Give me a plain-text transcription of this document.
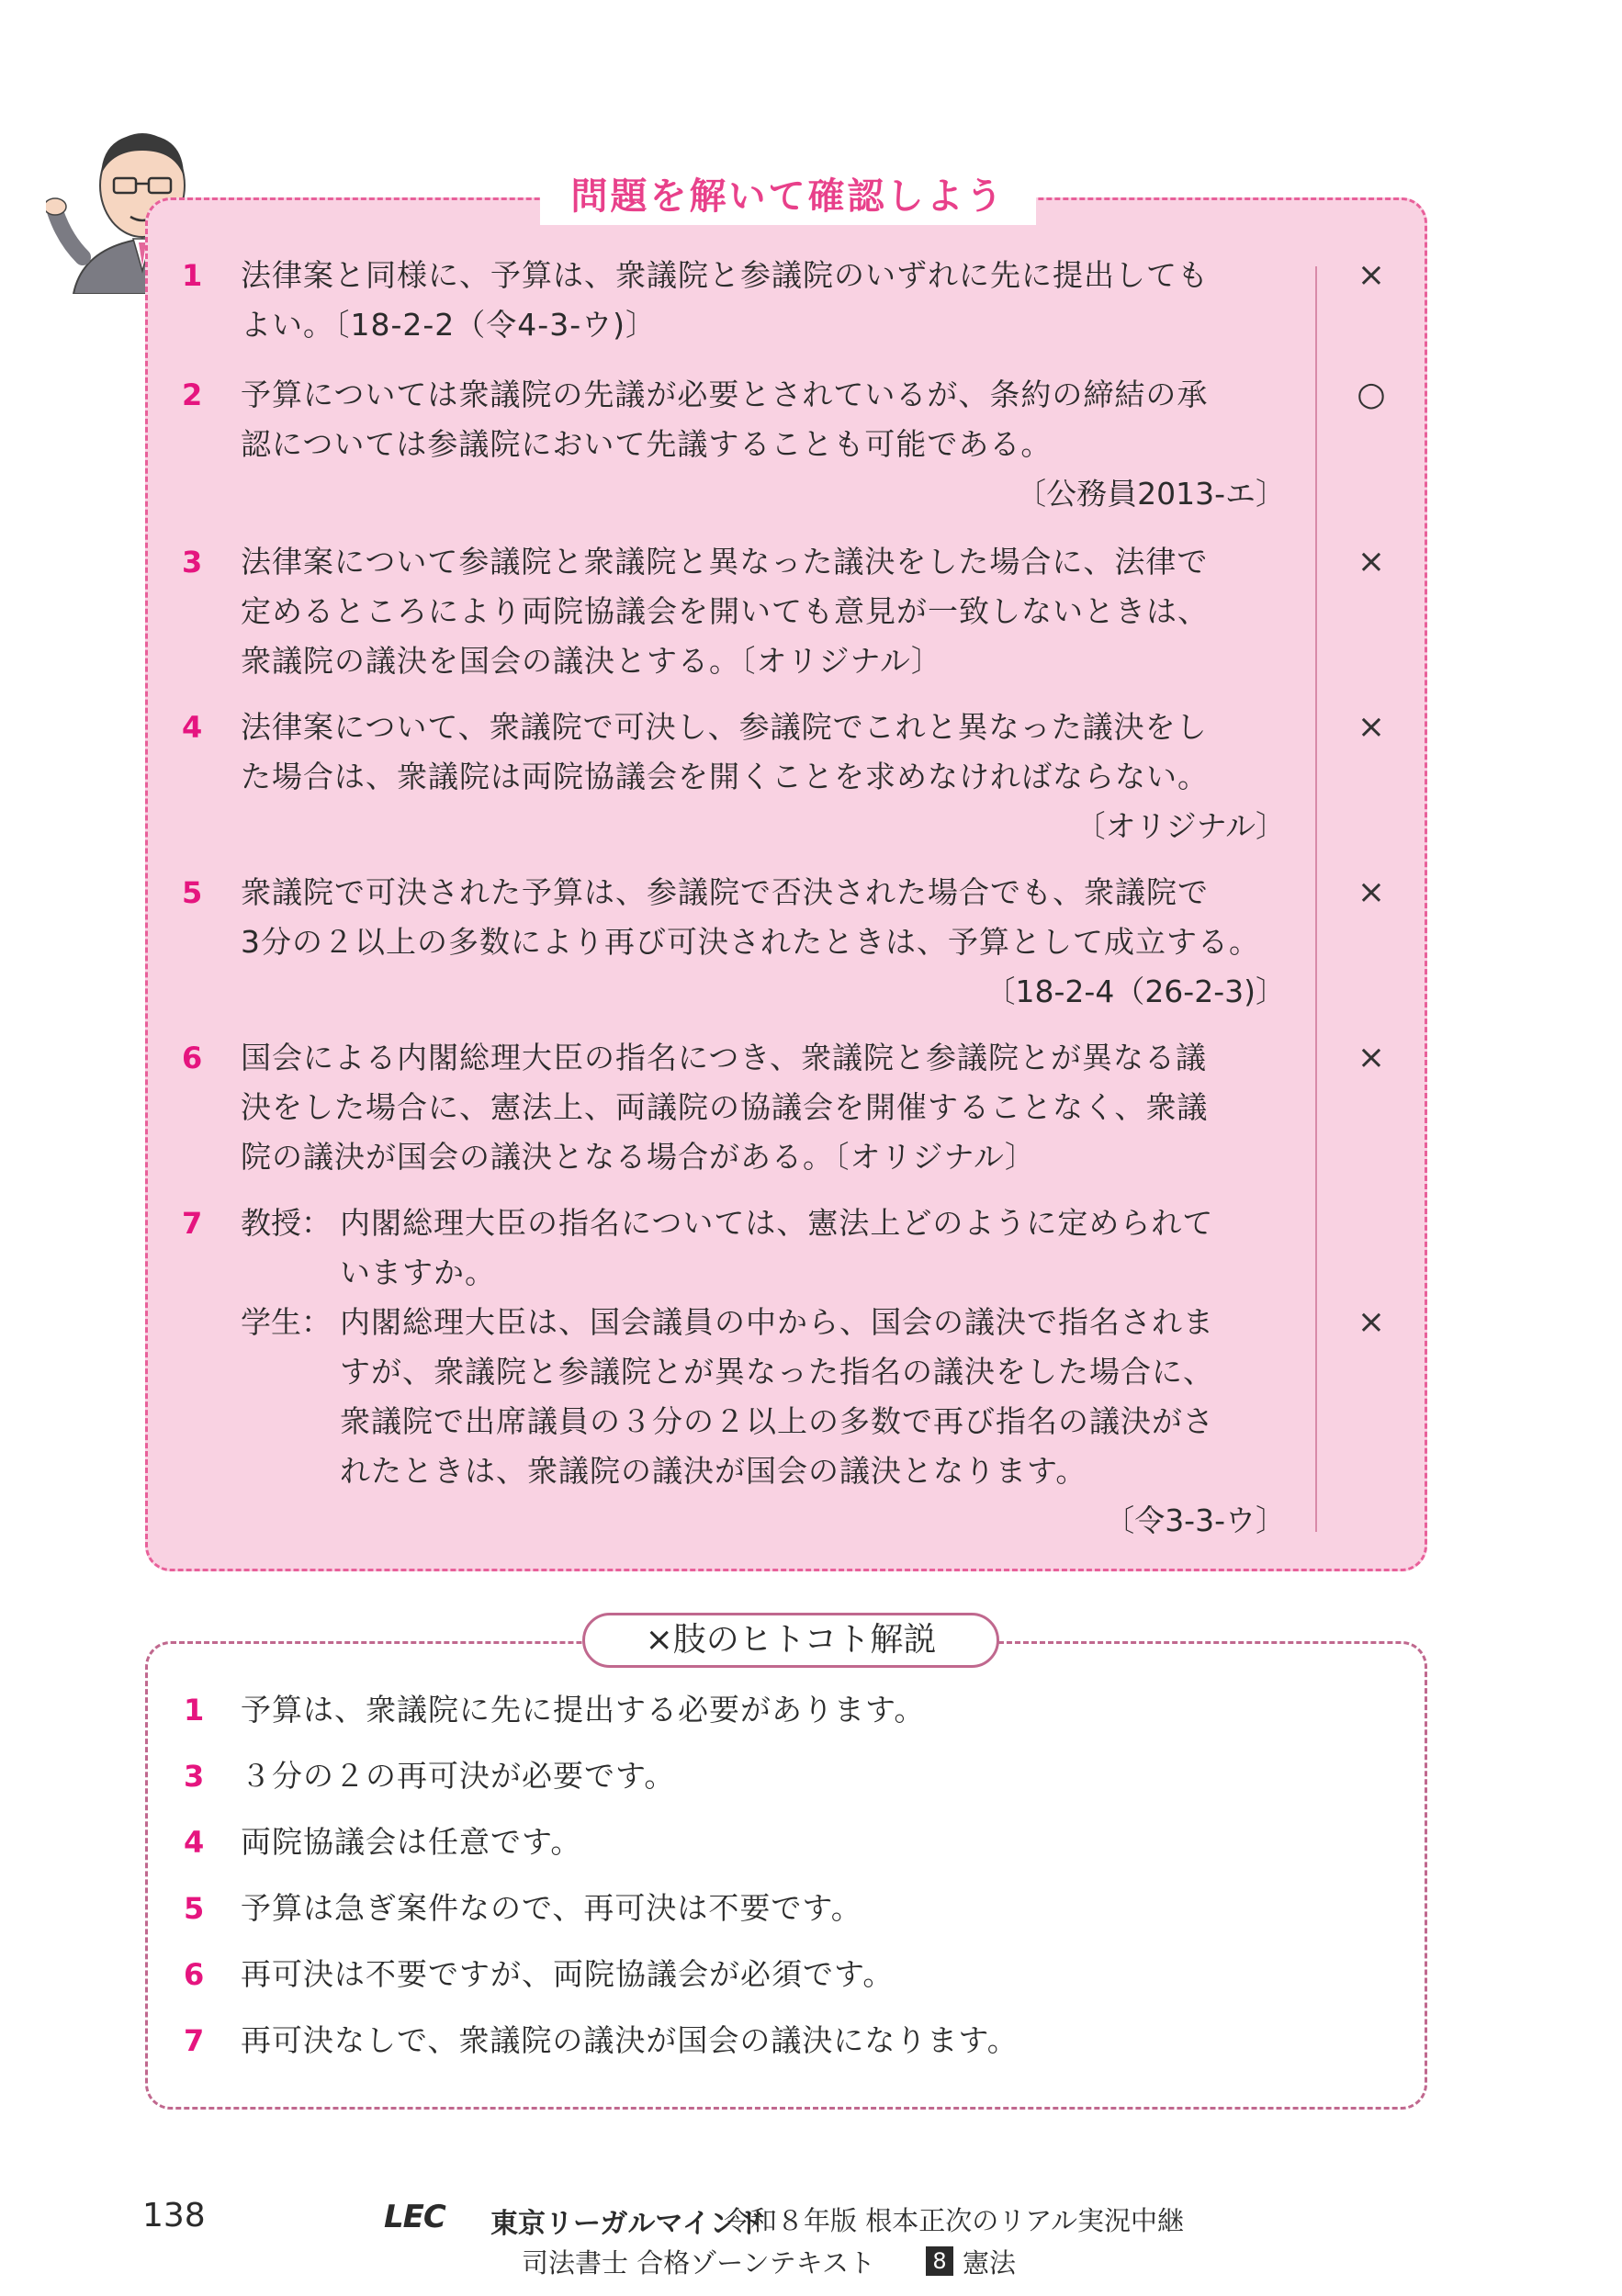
問題を解いて確認しよう
1 法律案と同様に、予算は、衆議院と参議院のいずれに先に提出しても
よい。〔18-2-2（令4-3-ウ)〕
×
2 予算については衆議院の先議が必要とされているが、条約の締結の承
認については参議院において先議することも可能である。
〔公務員2013-エ〕
○
3 法律案について参議院と衆議院と異なった議決をした場合に、法律で
定めるところにより両院協議会を開いても意見が一致しないときは、
衆議院の議決を国会の議決とする。〔オリジナル〕
×
4 法律案について、衆議院で可決し、参議院でこれと異なった議決をし
た場合は、衆議院は両院協議会を開くことを求めなければならない。
〔オリジナル〕
×
5 衆議院で可決された予算は、参議院で否決された場合でも、衆議院で
3分の２以上の多数により再び可決されたときは、予算として成立する。
〔18-2-4（26-2-3)〕
×
6 国会による内閣総理大臣の指名につき、衆議院と参議院とが異なる議
決をした場合に、憲法上、両議院の協議会を開催することなく、衆議
院の議決が国会の議決となる場合がある。〔オリジナル〕
×
7 教授： 内閣総理大臣の指名については、憲法上どのように定められて
いますか。
学生： 内閣総理大臣は、国会議員の中から、国会の議決で指名されま
すが、衆議院と参議院とが異なった指名の議決をした場合に、
衆議院で出席議員の３分の２以上の多数で再び指名の議決がさ
れたときは、衆議院の議決が国会の議決となります。
〔令3-3-ウ〕
×
×肢のヒトコト解説
1 予算は、衆議院に先に提出する必要があります。
3 ３分の２の再可決が必要です。
4 両院協議会は任意です。
5 予算は急ぎ案件なので、再可決は不要です。
6 再可決は不要ですが、両院協議会が必須です。
7 再可決なしで、衆議院の議決が国会の議決になります。
138	LEC 東京リーガルマインド
令和８年版 根本正次のリアル実況中継
司法書士 合格ゾーンテキスト	8 憲法
